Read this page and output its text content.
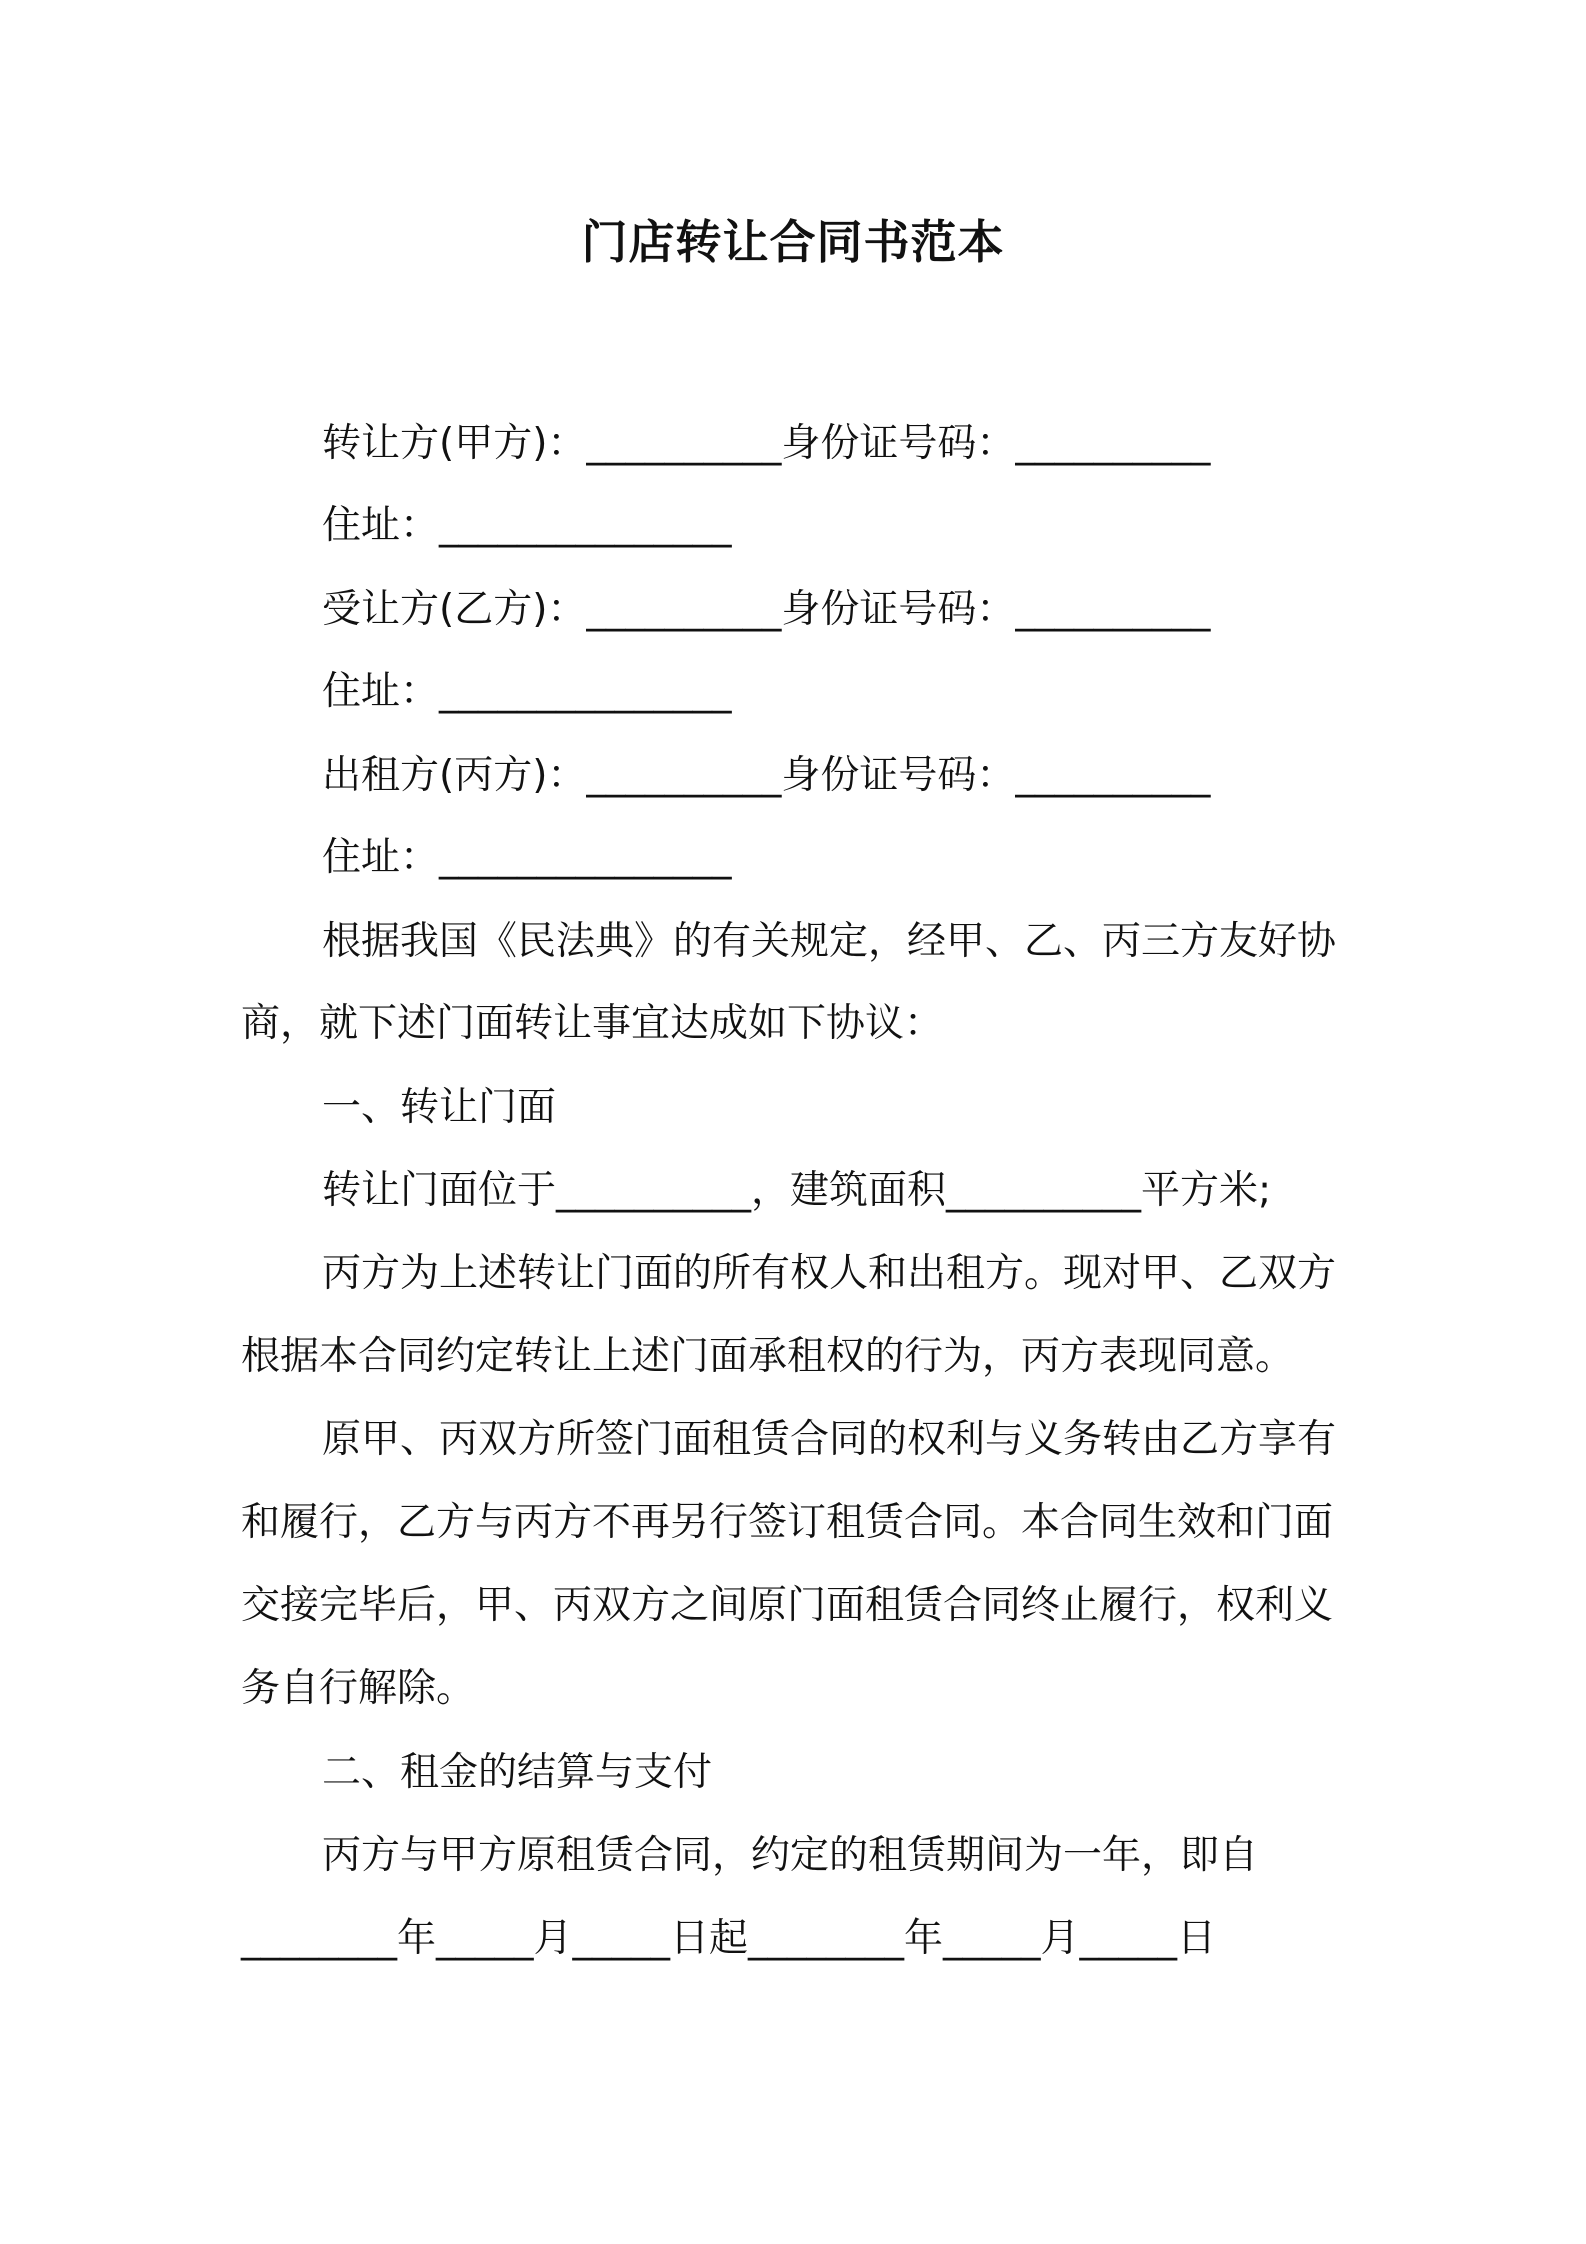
门店转让合同书范本
转让方(甲方)：__________身份证号码：__________
住址：_______________
受让方(乙方)：__________身份证号码：__________
住址：_______________
出租方(丙方)：__________身份证号码：__________
住址：_______________
根据我国《民法典》的有关规定，经甲、乙、丙三方友好协
商，就下述门面转让事宜达成如下协议：
一、转让门面
转让门面位于__________，建筑面积__________平方米;
丙方为上述转让门面的所有权人和出租方。现对甲、乙双方
根据本合同约定转让上述门面承租权的行为，丙方表现同意。
原甲、丙双方所签门面租赁合同的权利与义务转由乙方享有
和履行，乙方与丙方不再另行签订租赁合同。本合同生效和门面
交接完毕后，甲、丙双方之间原门面租赁合同终止履行，权利义
务自行解除。
二、租金的结算与支付
丙方与甲方原租赁合同，约定的租赁期间为一年，即自
________年_____月_____日起________年_____月_____日
